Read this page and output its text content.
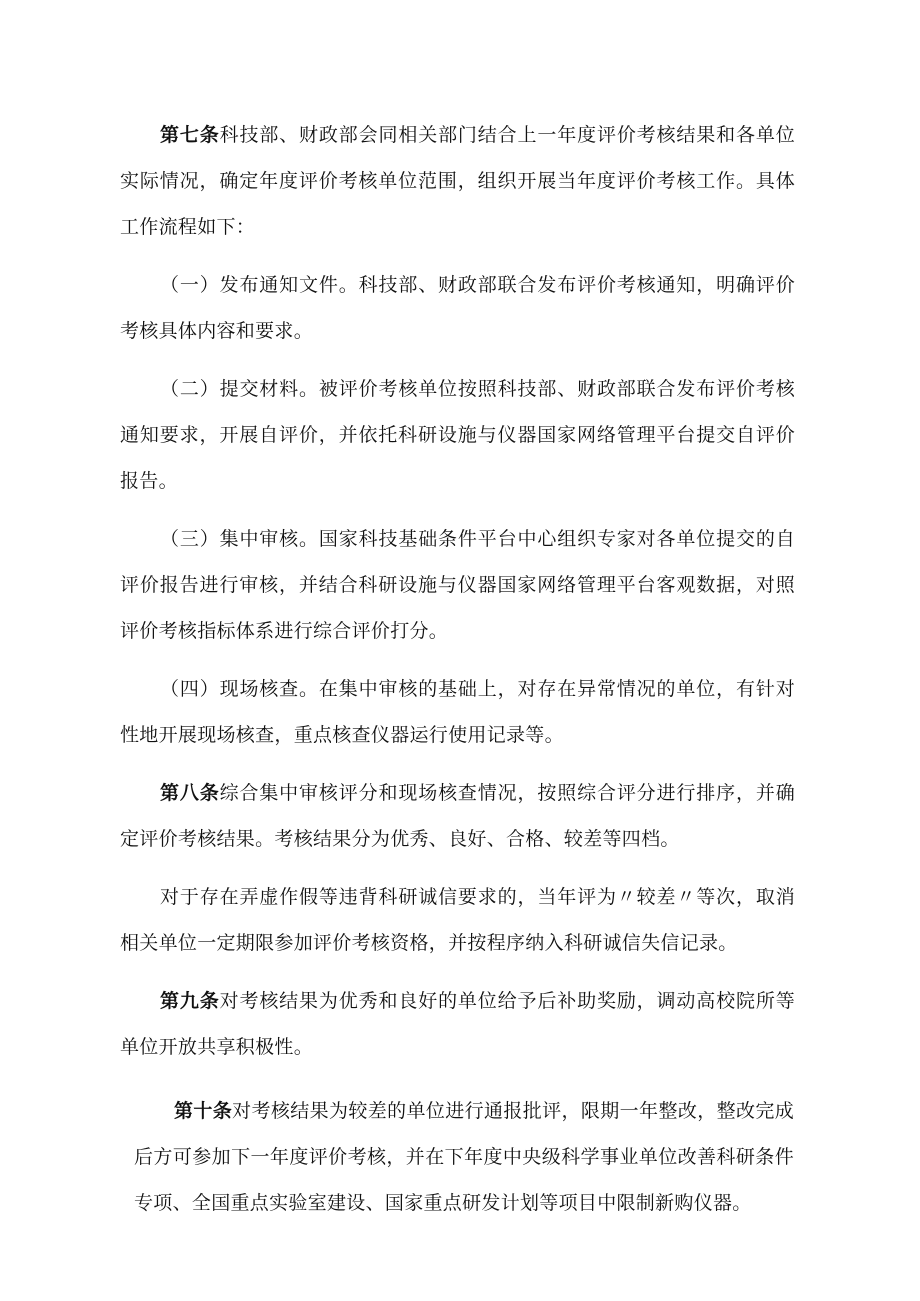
第七条科技部、财政部会同相关部门结合上一年度评价考核结果和各单位实际情况，确定年度评价考核单位范围，组织开展当年度评价考核工作。具体工作流程如下：

（一）发布通知文件。科技部、财政部联合发布评价考核通知，明确评价考核具体内容和要求。

（二）提交材料。被评价考核单位按照科技部、财政部联合发布评价考核通知要求，开展自评价，并依托科研设施与仪器国家网络管理平台提交自评价报告。

（三）集中审核。国家科技基础条件平台中心组织专家对各单位提交的自评价报告进行审核，并结合科研设施与仪器国家网络管理平台客观数据，对照评价考核指标体系进行综合评价打分。

（四）现场核查。在集中审核的基础上，对存在异常情况的单位，有针对性地开展现场核查，重点核查仪器运行使用记录等。

第八条综合集中审核评分和现场核查情况，按照综合评分进行排序，并确定评价考核结果。考核结果分为优秀、良好、合格、较差等四档。

对于存在弄虚作假等违背科研诚信要求的，当年评为〃较差〃等次，取消相关单位一定期限参加评价考核资格，并按程序纳入科研诚信失信记录。

第九条对考核结果为优秀和良好的单位给予后补助奖励，调动高校院所等单位开放共享积极性。

第十条对考核结果为较差的单位进行通报批评，限期一年整改，整改完成后方可参加下一年度评价考核，并在下年度中央级科学事业单位改善科研条件专项、全国重点实验室建设、国家重点研发计划等项目中限制新购仪器。
